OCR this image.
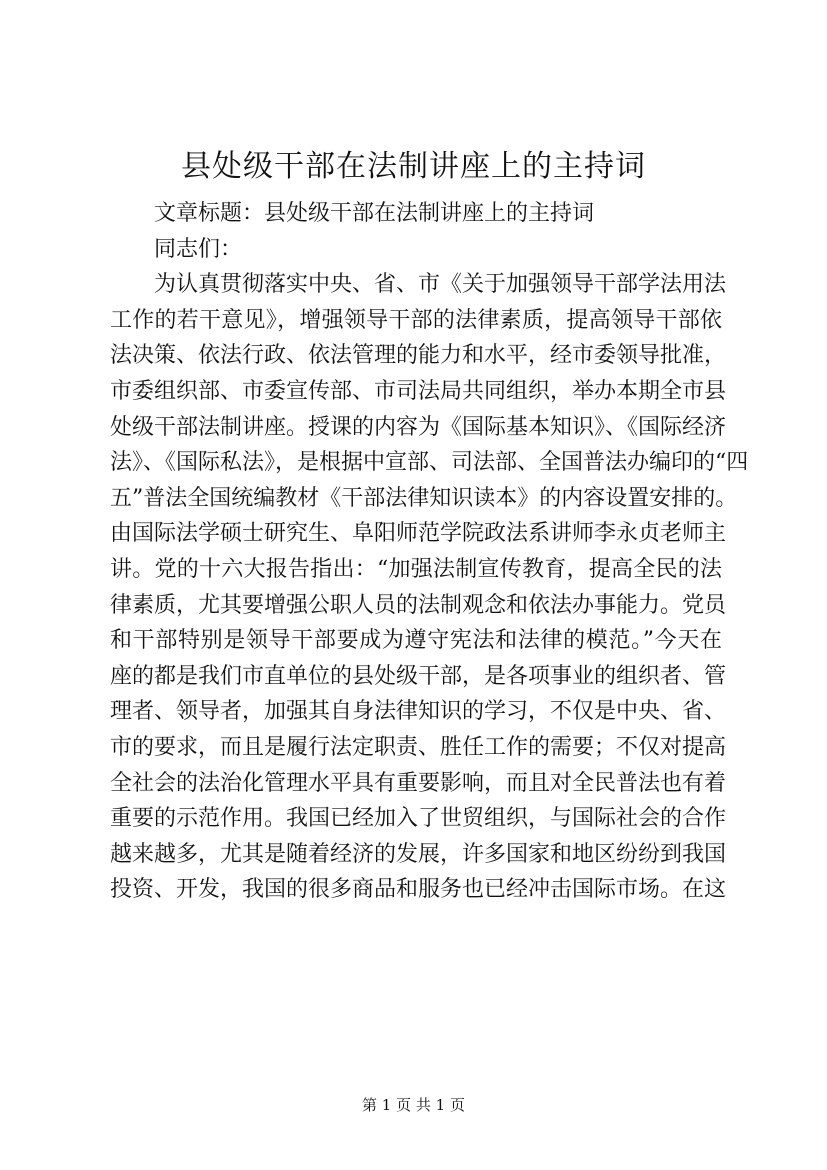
县处级干部在法制讲座上的主持词
文章标题：县处级干部在法制讲座上的主持词
同志们：
为认真贯彻落实中央、省、市《关于加强领导干部学法用法
工作的若干意见》，增强领导干部的法律素质，提高领导干部依
法决策、依法行政、依法管理的能力和水平，经市委领导批准，
市委组织部、市委宣传部、市司法局共同组织，举办本期全市县
处级干部法制讲座。授课的内容为《国际基本知识》、《国际经济
法》、《国际私法》，是根据中宣部、司法部、全国普法办编印的“四
五”普法全国统编教材《干部法律知识读本》的内容设置安排的。
由国际法学硕士研究生、阜阳师范学院政法系讲师李永贞老师主
讲。党的十六大报告指出：“加强法制宣传教育，提高全民的法
律素质，尤其要增强公职人员的法制观念和依法办事能力。党员
和干部特别是领导干部要成为遵守宪法和法律的模范。”今天在
座的都是我们市直单位的县处级干部，是各项事业的组织者、管
理者、领导者，加强其自身法律知识的学习，不仅是中央、省、
市的要求，而且是履行法定职责、胜任工作的需要；不仅对提高
全社会的法治化管理水平具有重要影响，而且对全民普法也有着
重要的示范作用。我国已经加入了世贸组织，与国际社会的合作
越来越多，尤其是随着经济的发展，许多国家和地区纷纷到我国
投资、开发，我国的很多商品和服务也已经冲击国际市场。在这
第 1 页 共 1 页
